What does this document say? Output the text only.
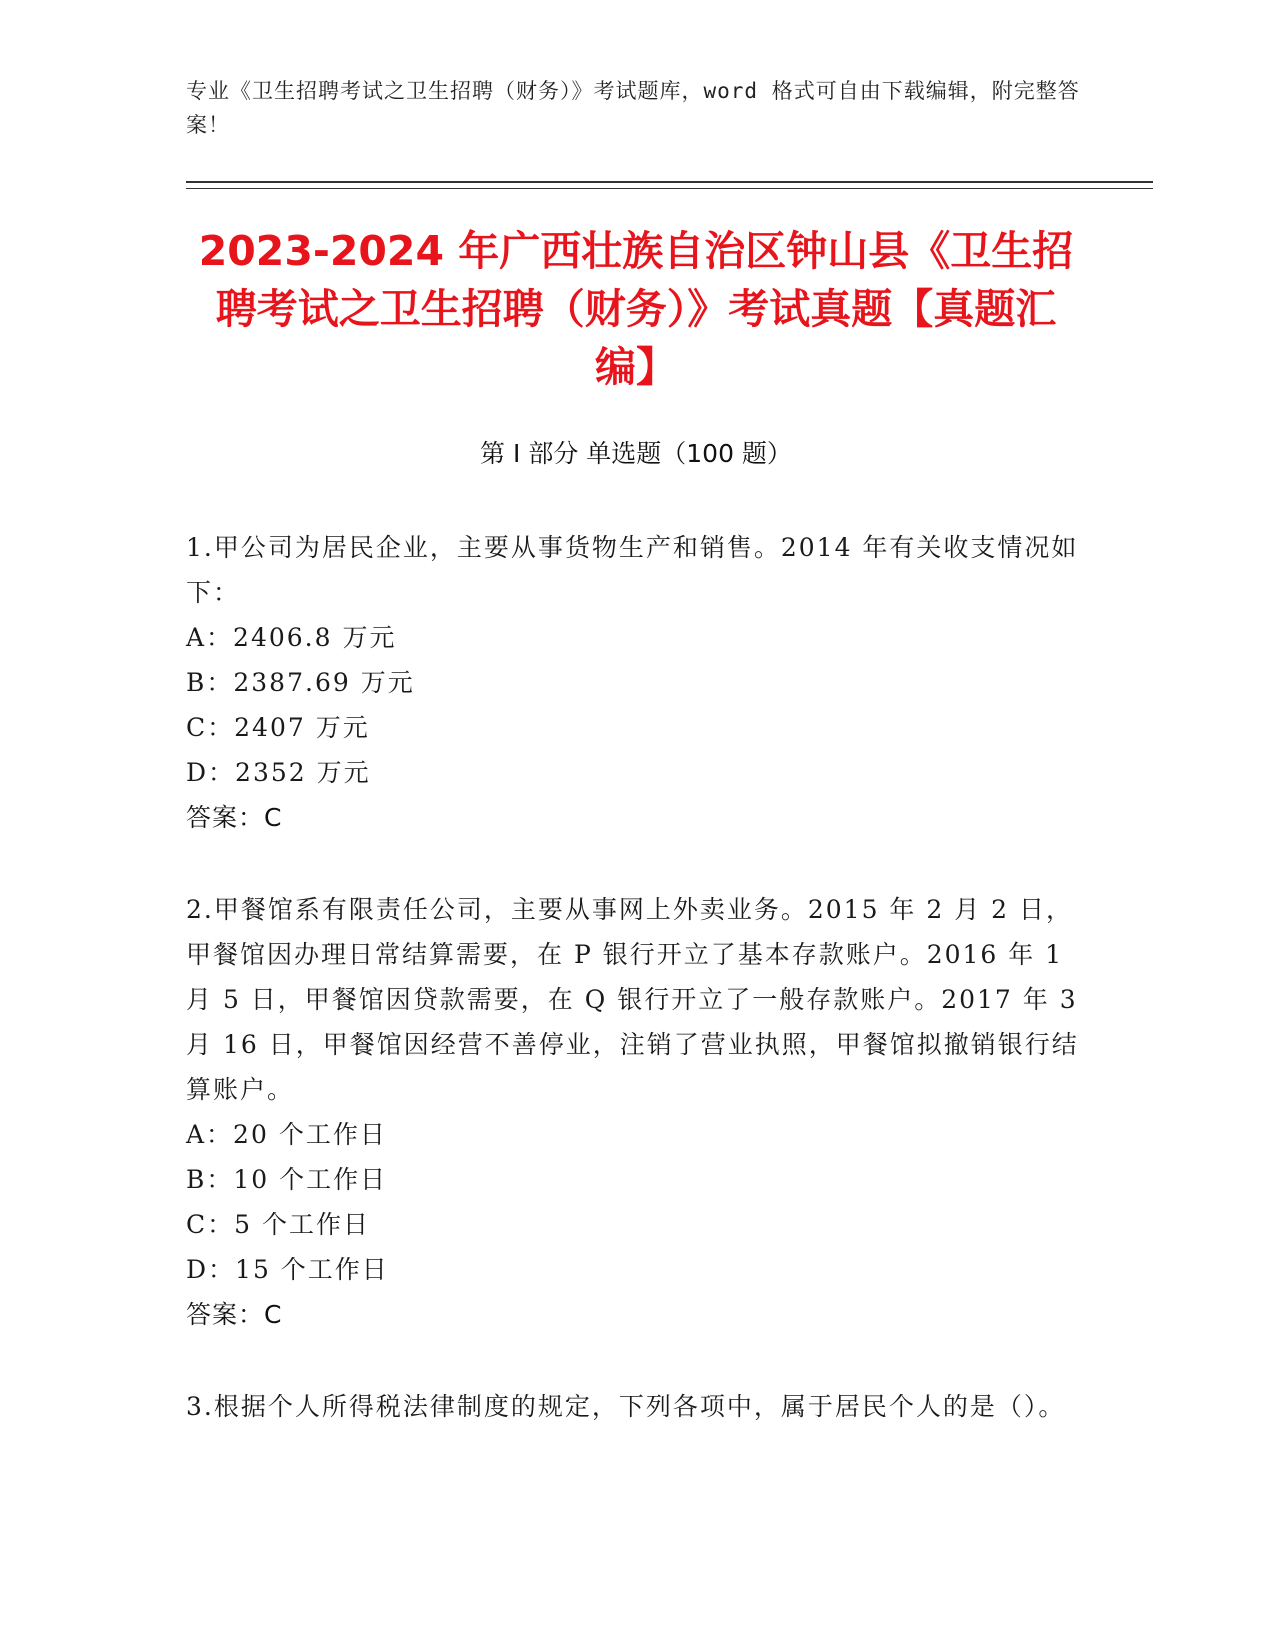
专业《卫生招聘考试之卫生招聘（财务）》考试题库，word 格式可自由下载编辑，附完整答案！
2023-2024 年广西壮族自治区钟山县《卫生招聘考试之卫生招聘（财务）》考试真题【真题汇编】
第 I 部分 单选题（100 题）
1.甲公司为居民企业，主要从事货物生产和销售。2014 年有关收支情况如下：
A：2406.8 万元
B：2387.69 万元
C：2407 万元
D：2352 万元
答案：C
2.甲餐馆系有限责任公司，主要从事网上外卖业务。2015 年 2 月 2 日，甲餐馆因办理日常结算需要，在 P 银行开立了基本存款账户。2016 年 1 月 5 日，甲餐馆因贷款需要，在 Q 银行开立了一般存款账户。2017 年 3 月 16 日，甲餐馆因经营不善停业，注销了营业执照，甲餐馆拟撤销银行结算账户。
A：20 个工作日
B：10 个工作日
C：5 个工作日
D：15 个工作日
答案：C
3.根据个人所得税法律制度的规定，下列各项中，属于居民个人的是（）。
